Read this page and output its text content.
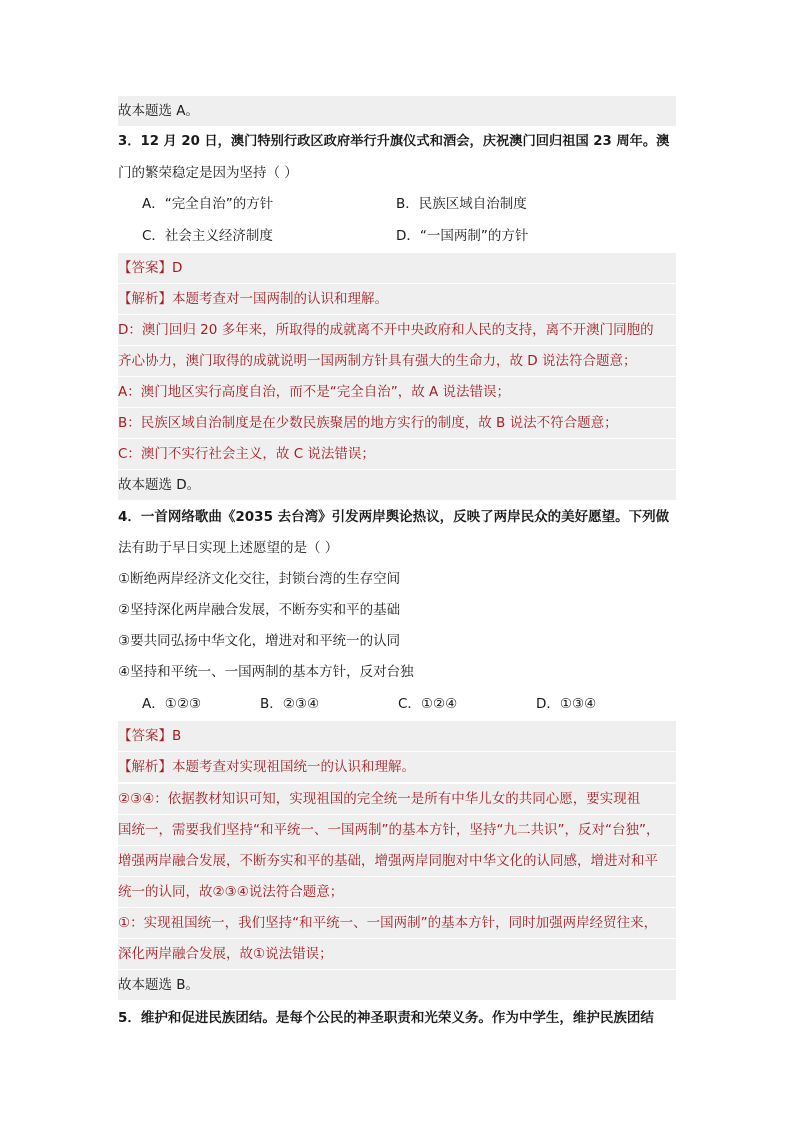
故本题选 A。
3．12 月 20 日，澳门特别行政区政府举行升旗仪式和酒会，庆祝澳门回归祖国 23 周年。澳
门的繁荣稳定是因为坚持（ ）
A．“完全自治”的方针	B．民族区域自治制度
C．社会主义经济制度	D．“一国两制”的方针
【答案】D
【解析】本题考查对一国两制的认识和理解。
D：澳门回归 20 多年来，所取得的成就离不开中央政府和人民的支持，离不开澳门同胞的
齐心协力，澳门取得的成就说明一国两制方针具有强大的生命力，故 D 说法符合题意；
A：澳门地区实行高度自治，而不是“完全自治”，故 A 说法错误；
B：民族区域自治制度是在少数民族聚居的地方实行的制度，故 B 说法不符合题意；
C：澳门不实行社会主义，故 C 说法错误；
故本题选 D。
4．一首网络歌曲《2035 去台湾》引发两岸舆论热议，反映了两岸民众的美好愿望。下列做
法有助于早日实现上述愿望的是（ ）
①断绝两岸经济文化交往，封锁台湾的生存空间
②坚持深化两岸融合发展，不断夯实和平的基础
③要共同弘扬中华文化，增进对和平统一的认同
④坚持和平统一、一国两制的基本方针，反对台独
A．①②③	B．②③④	C．①②④	D．①③④
【答案】B
【解析】本题考查对实现祖国统一的认识和理解。
②③④：依据教材知识可知，实现祖国的完全统一是所有中华儿女的共同心愿，要实现祖
国统一，需要我们坚持“和平统一、一国两制”的基本方针，坚持“九二共识”，反对“台独”，
增强两岸融合发展，不断夯实和平的基础，增强两岸同胞对中华文化的认同感，增进对和平
统一的认同，故②③④说法符合题意；
①：实现祖国统一，我们坚持“和平统一、一国两制”的基本方针，同时加强两岸经贸往来，
深化两岸融合发展，故①说法错误；
故本题选 B。
5．维护和促进民族团结。是每个公民的神圣职责和光荣义务。作为中学生，维护民族团结
